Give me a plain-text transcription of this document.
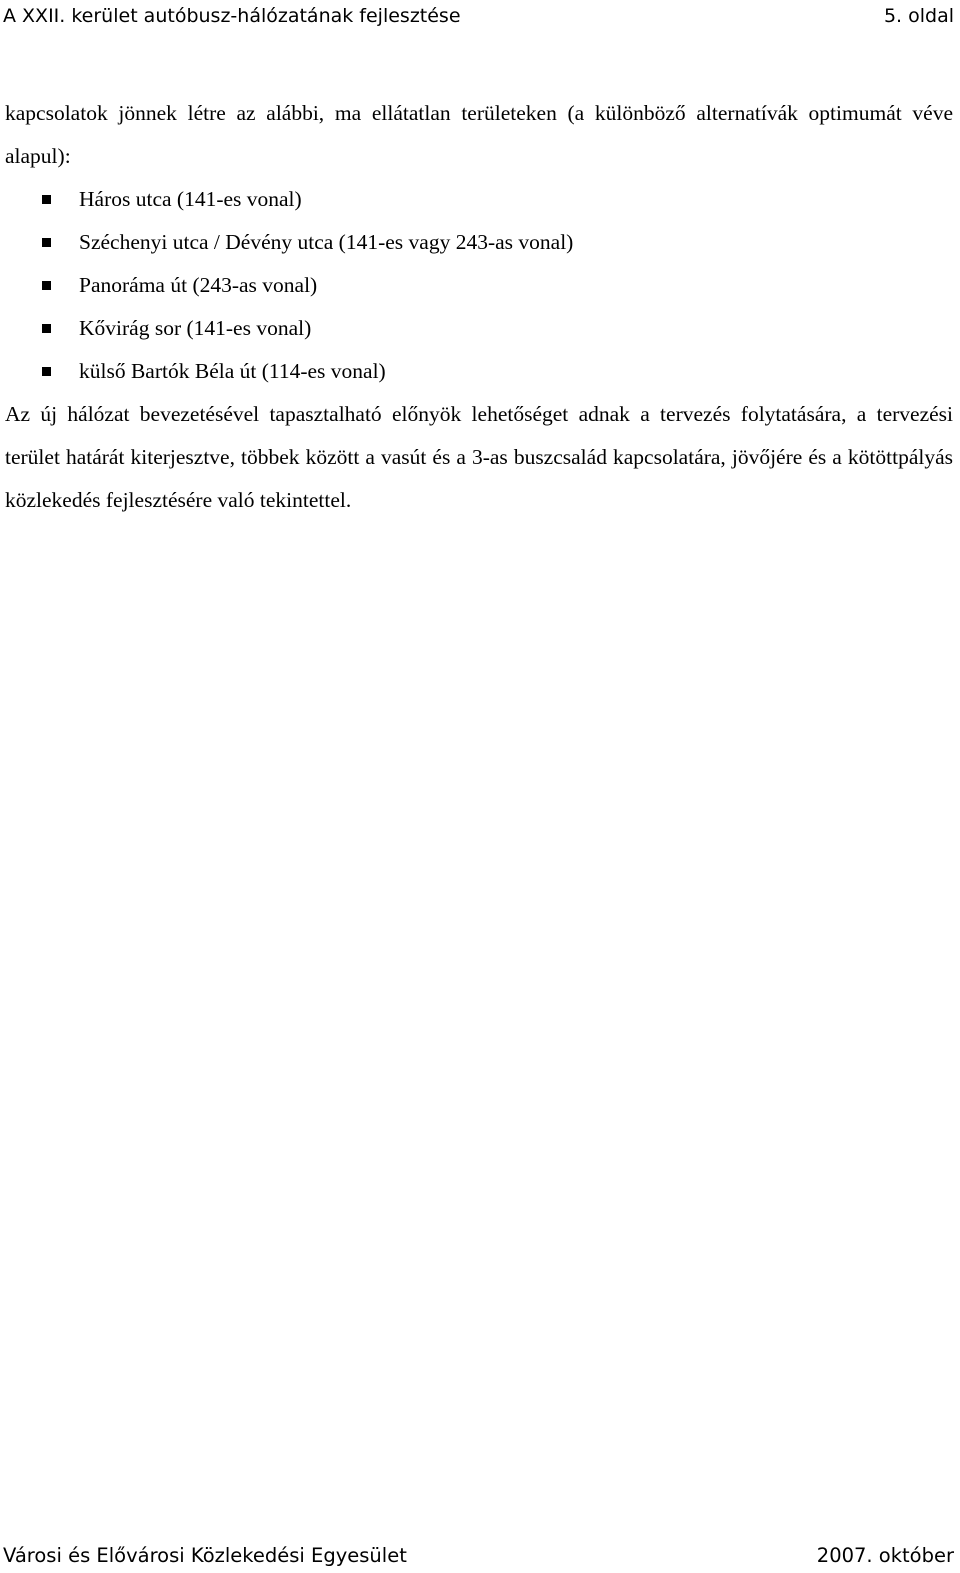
A XXII. kerület autóbusz-hálózatának fejlesztése	5. oldal

kapcsolatok jönnek létre az alábbi, ma ellátatlan területeken (a különböző alternatívák optimumát véve alapul):

Háros utca (141-es vonal)
Széchenyi utca / Dévény utca (141-es vagy 243-as vonal)
Panoráma út (243-as vonal)
Kővirág sor (141-es vonal)
külső Bartók Béla út (114-es vonal)

Az új hálózat bevezetésével tapasztalható előnyök lehetőséget adnak a tervezés folytatására, a tervezési terület határát kiterjesztve, többek között a vasút és a 3-as buszcsalád kapcsolatára, jövőjére és a kötöttpályás közlekedés fejlesztésére való tekintettel.

Városi és Elővárosi Közlekedési Egyesület	2007. október
